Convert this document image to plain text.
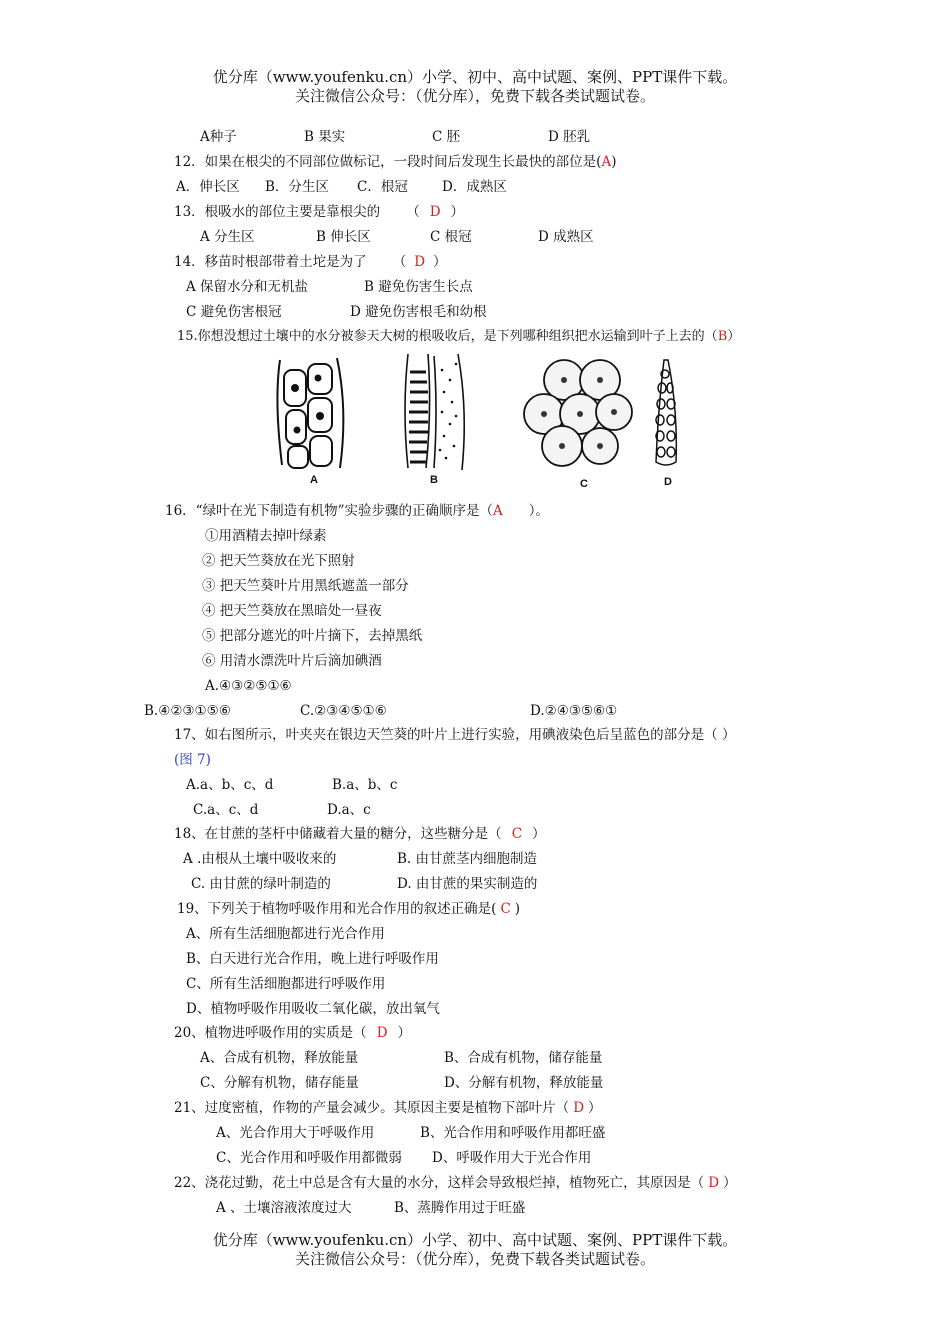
优分库（www.youfenku.cn）小学、初中、高中试题、案例、PPT课件下载。
关注微信公众号：（优分库），免费下载各类试题试卷。
A种子	B 果实	C 胚	D 胚乳
12．如果在根尖的不同部位做标记，一段时间后发现生长最快的部位是(A)
A．伸长区 B．分生区 C．根冠	D．成熟区
13．根吸水的部位主要是靠根尖的 （ D ）
A 分生区	B 伸长区	C 根冠	D 成熟区
14．移苗时根部带着土坨是为了 （ D ）
A 保留水分和无机盐	B 避免伤害生长点
C 避免伤害根冠	D 避免伤害根毛和幼根
15.你想没想过土壤中的水分被参天大树的根吸收后，是下列哪种组织把水运输到叶子上去的（B）
A	B	C	D
16．“绿叶在光下制造有机物”实验步骤的正确顺序是（A ）。
①用酒精去掉叶绿素
② 把天竺葵放在光下照射
③ 把天竺葵叶片用黑纸遮盖一部分
④ 把天竺葵放在黑暗处一昼夜
⑤ 把部分遮光的叶片摘下，去掉黑纸
⑥ 用清水漂洗叶片后滴加碘酒
A.④③②⑤①⑥
B.④②③①⑤⑥	C.②③④⑤①⑥	D.②④③⑤⑥①
17、如右图所示，叶夹夹在银边天竺葵的叶片上进行实验，用碘液染色后呈蓝色的部分是（ ）
(图 7)
A.a、b、c、d	B.a、b、c
C.a、c、d	D.a、c
18、在甘蔗的茎杆中储藏着大量的糖分，这些糖分是（ C ）
A .由根从土壤中吸收来的	B. 由甘蔗茎内细胞制造
C. 由甘蔗的绿叶制造的	D. 由甘蔗的果实制造的
19、下列关于植物呼吸作用和光合作用的叙述正确是( C )
A、所有生活细胞都进行光合作用
B、白天进行光合作用，晚上进行呼吸作用
C、所有生活细胞都进行呼吸作用
D、植物呼吸作用吸收二氧化碳，放出氧气
20、植物进呼吸作用的实质是（ D ）
A、合成有机物，释放能量	B、合成有机物，储存能量
C、分解有机物，储存能量	D、分解有机物，释放能量
21、过度密植，作物的产量会减少。其原因主要是植物下部叶片（ D ）
A、光合作用大于呼吸作用	B、光合作用和呼吸作用都旺盛
C、光合作用和呼吸作用都微弱 D、呼吸作用大于光合作用
22、浇花过勤，花土中总是含有大量的水分，这样会导致根烂掉，植物死亡，其原因是（ D ）
A 、土壤溶液浓度过大	B、蒸腾作用过于旺盛
优分库（www.youfenku.cn）小学、初中、高中试题、案例、PPT课件下载。
关注微信公众号：（优分库），免费下载各类试题试卷。
